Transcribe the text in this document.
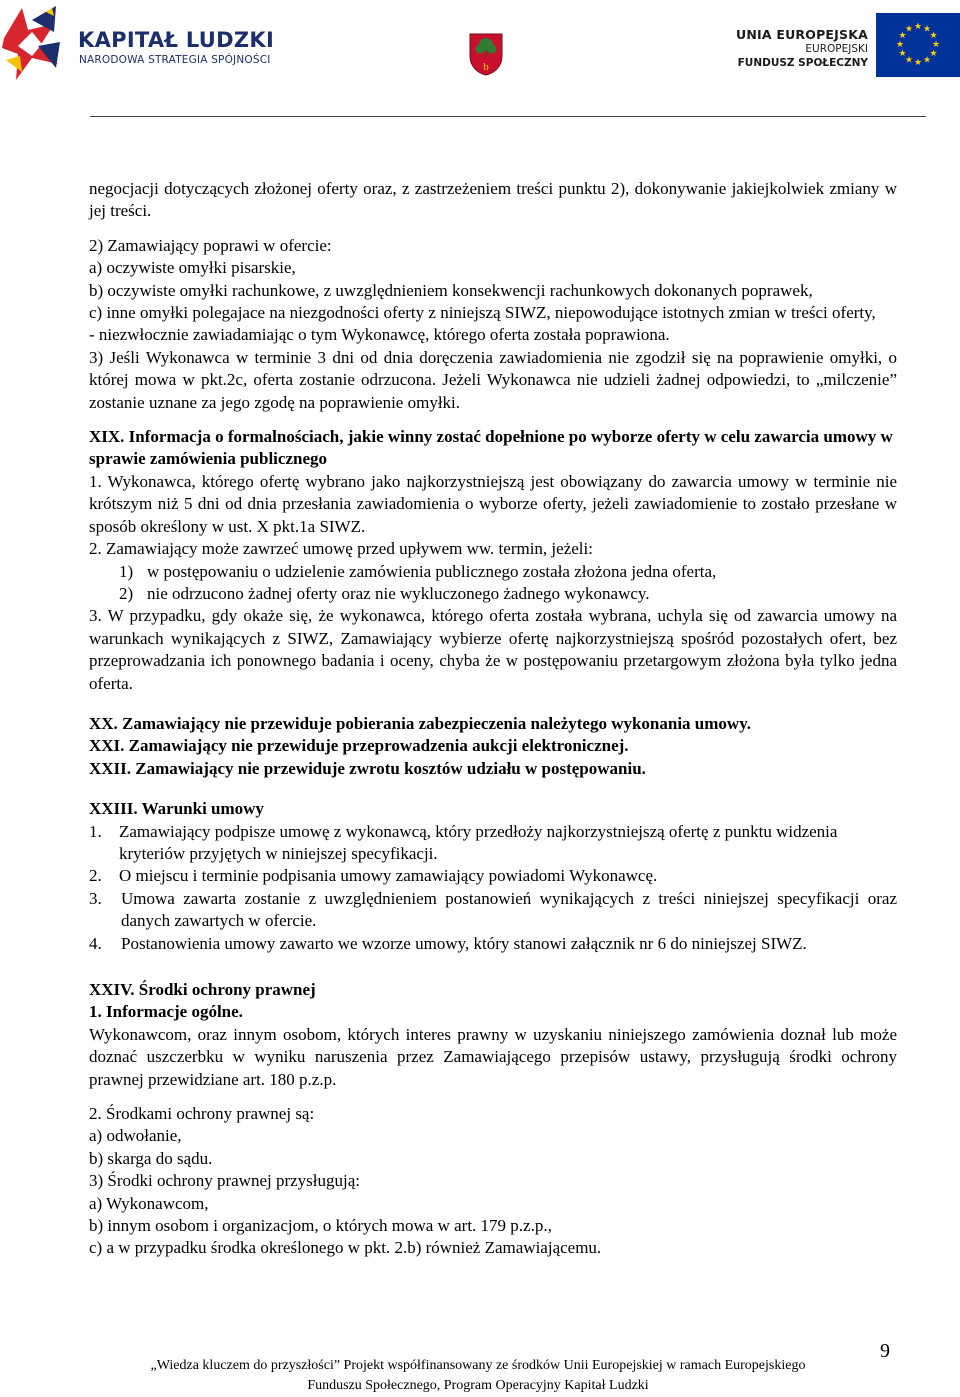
KAPITAŁ LUDZKI
NARODOWA STRATEGIA SPÓJNOŚCI
b
UNIA EUROPEJSKA
EUROPEJSKI
FUNDUSZ SPOŁECZNY
★ ★
★
★
★
★
★
★
★
★
★
★

negocjacji dotyczących złożonej oferty oraz, z zastrzeżeniem treści punktu 2), dokonywanie jakiejkolwiek zmiany w jej treści.

2) Zamawiający poprawi w ofercie:

a) oczywiste omyłki pisarskie,

b) oczywiste omyłki rachunkowe, z uwzględnieniem konsekwencji rachunkowych dokonanych poprawek,

c) inne omyłki polegajace na niezgodności oferty z niniejszą SIWZ, niepowodujące istotnych zmian w treści oferty,

- niezwłocznie zawiadamiając o tym Wykonawcę, którego oferta została poprawiona.

3) Jeśli Wykonawca w terminie 3 dni od dnia doręczenia zawiadomienia nie zgodził się na poprawienie omyłki, o której mowa w pkt.2c, oferta zostanie odrzucona. Jeżeli Wykonawca nie udzieli żadnej odpowiedzi, to „milczenie” zostanie uznane za jego zgodę na poprawienie omyłki.

XIX. Informacja o formalnościach, jakie winny zostać dopełnione po wyborze oferty w celu zawarcia umowy w sprawie zamówienia publicznego

1. Wykonawca, którego ofertę wybrano jako najkorzystniejszą jest obowiązany do zawarcia umowy w terminie nie krótszym niż 5 dni od dnia przesłania zawiadomienia o wyborze oferty, jeżeli zawiadomienie to zostało przesłane w sposób określony w ust. X pkt.1a SIWZ.

2. Zamawiający może zawrzeć umowę przed upływem ww. termin, jeżeli:

1) w postępowaniu o udzielenie zamówienia publicznego została złożona jedna oferta,
2) nie odrzucono żadnej oferty oraz nie wykluczonego żadnego wykonawcy.

3. W przypadku, gdy okaże się, że wykonawca, którego oferta została wybrana, uchyla się od zawarcia umowy na warunkach wynikających z SIWZ, Zamawiający wybierze ofertę najkorzystniejszą spośród pozostałych ofert, bez przeprowadzania ich ponownego badania i oceny, chyba że w postępowaniu przetargowym złożona była tylko jedna oferta.

XX. Zamawiający nie przewiduje pobierania zabezpieczenia należytego wykonania umowy.

XXI. Zamawiający nie przewiduje przeprowadzenia aukcji elektronicznej.

XXII. Zamawiający nie przewiduje zwrotu kosztów udziału w postępowaniu.

XXIII. Warunki umowy

1. Zamawiający podpisze umowę z wykonawcą, który przedłoży najkorzystniejszą ofertę z punktu widzenia kryteriów przyjętych w niniejszej specyfikacji.
2. O miejscu i terminie podpisania umowy zamawiający powiadomi Wykonawcę.
3. Umowa zawarta zostanie z uwzględnieniem postanowień wynikających z treści niniejszej specyfikacji oraz danych zawartych w ofercie.
4. Postanowienia umowy zawarto we wzorze umowy, który stanowi załącznik nr 6 do niniejszej SIWZ.

XXIV. Środki ochrony prawnej

1. Informacje ogólne.

Wykonawcom, oraz innym osobom, których interes prawny w uzyskaniu niniejszego zamówienia doznał lub może doznać uszczerbku w wyniku naruszenia przez Zamawiającego przepisów ustawy, przysługują środki ochrony prawnej przewidziane art. 180 p.z.p.

2. Środkami ochrony prawnej są:

a) odwołanie,

b) skarga do sądu.

3) Środki ochrony prawnej przysługują:

a) Wykonawcom,

b) innym osobom i organizacjom, o których mowa w art. 179 p.z.p.,

c) a w przypadku środka określonego w pkt. 2.b) również Zamawiającemu.

9
„Wiedza kluczem do przyszłości” Projekt współfinansowany ze środków Unii Europejskiej w ramach Europejskiego
Funduszu Społecznego, Program Operacyjny Kapitał Ludzki
